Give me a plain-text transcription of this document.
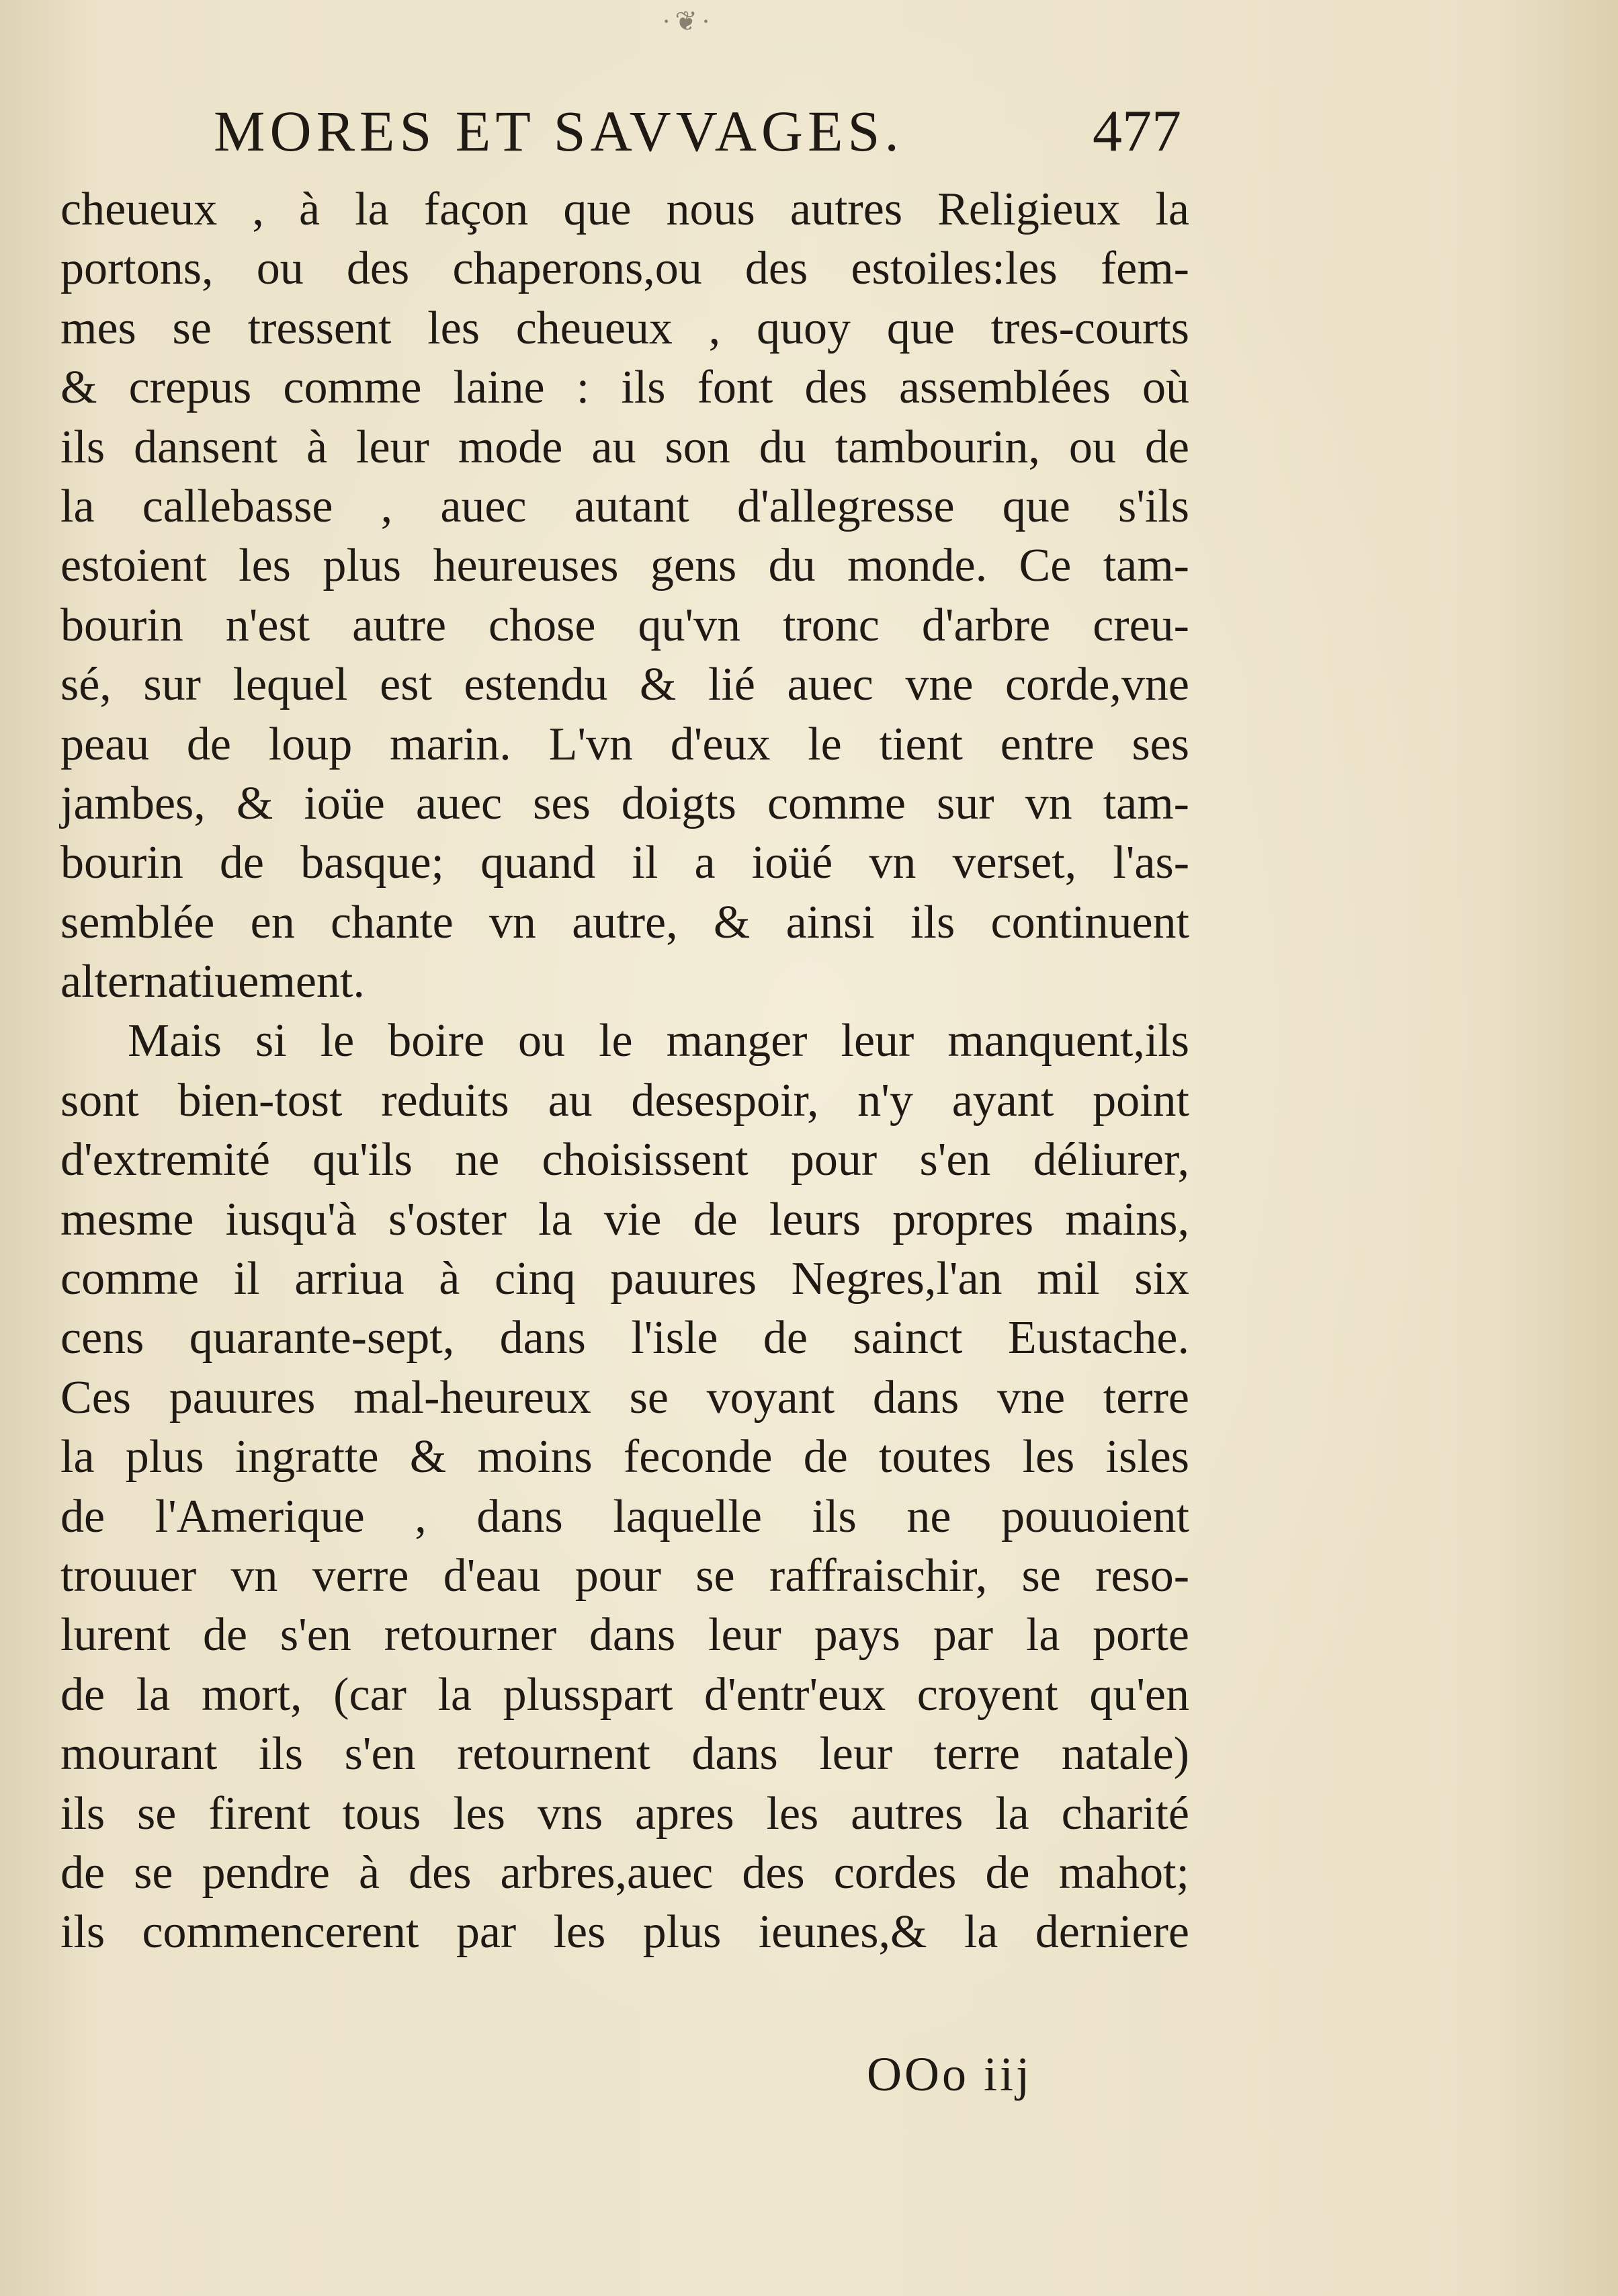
·❦·
MORES ET SAVVAGES.	477
cheueux , à la façon que nous autres Religieux la
portons, ou des chaperons,ou des estoiles:les fem-
mes se tressent les cheueux , quoy que tres-courts
& crepus comme laine : ils font des assemblées où
ils dansent à leur mode au son du tambourin, ou de
la callebasse , auec autant d'allegresse que s'ils
estoient les plus heureuses gens du monde. Ce tam-
bourin n'est autre chose qu'vn tronc d'arbre creu-
sé, sur lequel est estendu & lié auec vne corde,vne
peau de loup marin. L'vn d'eux le tient entre ses
jambes, & ioüe auec ses doigts comme sur vn tam-
bourin de basque; quand il a ioüé vn verset, l'as-
semblée en chante vn autre, & ainsi ils continuent
alternatiuement.
Mais si le boire ou le manger leur manquent,ils
sont bien-tost reduits au desespoir, n'y ayant point
d'extremité qu'ils ne choisissent pour s'en déliurer,
mesme iusqu'à s'oster la vie de leurs propres mains,
comme il arriua à cinq pauures Negres,l'an mil six
cens quarante-sept, dans l'isle de sainct Eustache.
Ces pauures mal-heureux se voyant dans vne terre
la plus ingratte & moins feconde de toutes les isles
de l'Amerique , dans laquelle ils ne pouuoient
trouuer vn verre d'eau pour se raffraischir, se reso-
lurent de s'en retourner dans leur pays par la porte
de la mort, (car la plusspart d'entr'eux croyent qu'en
mourant ils s'en retournent dans leur terre natale)
ils se firent tous les vns apres les autres la charité
de se pendre à des arbres,auec des cordes de mahot;
ils commencerent par les plus ieunes,& la derniere
OOo iij
